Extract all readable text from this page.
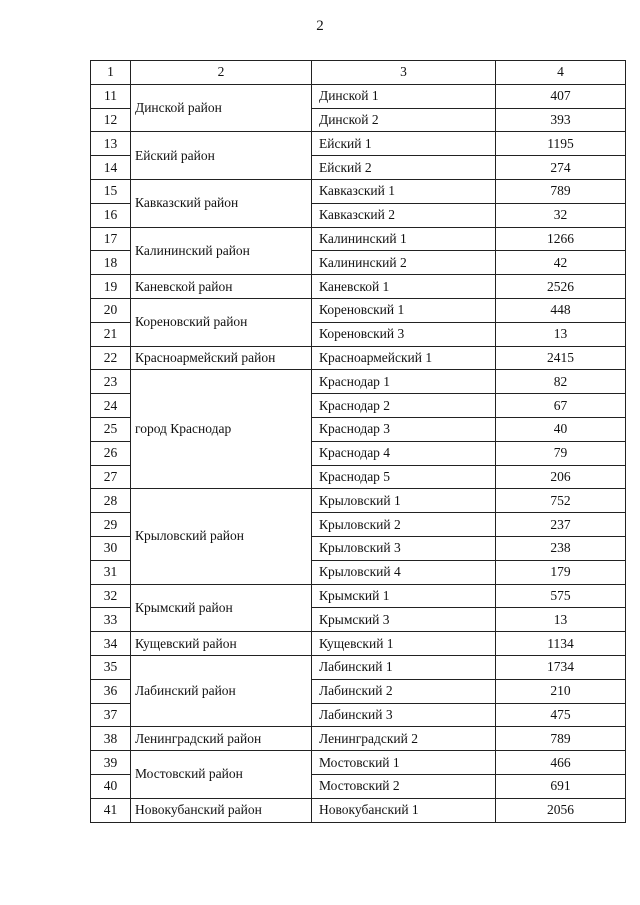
2
1	2	3	4
11	Динской район	Динской 1	407
12		Динской 2	393
13	Ейский район	Ейский 1	1195
14		Ейский 2	274
15	Кавказский район	Кавказский 1	789
16		Кавказский 2	32
17	Калининский район	Калининский 1	1266
18		Калининский 2	42
19	Каневской район	Каневской 1	2526
20	Кореновский район	Кореновский 1	448
21		Кореновский 3	13
22	Красноармейский район	Красноармейский 1	2415
23	город Краснодар	Краснодар 1	82
24		Краснодар 2	67
25		Краснодар 3	40
26		Краснодар 4	79
27		Краснодар 5	206
28	Крыловский район	Крыловский 1	752
29		Крыловский 2	237
30		Крыловский 3	238
31		Крыловский 4	179
32	Крымский район	Крымский 1	575
33		Крымский 3	13
34	Кущевский район	Кущевский 1	1134
35	Лабинский район	Лабинский 1	1734
36		Лабинский 2	210
37		Лабинский 3	475
38	Ленинградский район	Ленинградский 2	789
39	Мостовский район	Мостовский 1	466
40		Мостовский 2	691
41	Новокубанский район	Новокубанский 1	2056
